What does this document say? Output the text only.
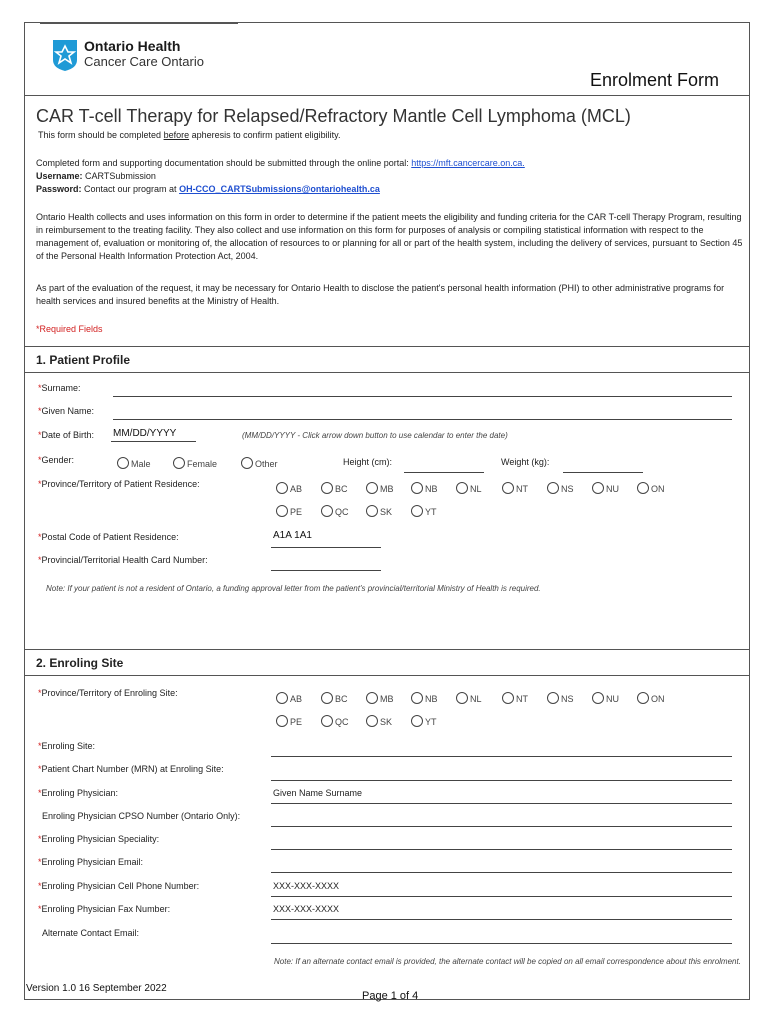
Ontario Health
Cancer Care Ontario
Enrolment Form
CAR T-cell Therapy for Relapsed/Refractory Mantle Cell Lymphoma (MCL)
This form should be completed before apheresis to confirm patient eligibility.
Completed form and supporting documentation should be submitted through the online portal: https://mft.cancercare.on.ca.
Username: CARTSubmission
Password: Contact our program at OH-CCO_CARTSubmissions@ontariohealth.ca
Ontario Health collects and uses information on this form in order to determine if the patient meets the eligibility and funding criteria for the CAR T-cell Therapy Program, resulting in reimbursement to the treating facility. They also collect and use information on this form for purposes of analysis or compiling statistical information with respect to the management of, evaluation or monitoring of, the allocation of resources to or planning for all or part of the health system, including the delivery of services, pursuant to Section 45 of the Personal Health Information Protection Act, 2004.
As part of the evaluation of the request, it may be necessary for Ontario Health to disclose the patient's personal health information (PHI) to other administrative programs for health services and insured benefits at the Ministry of Health.
*Required Fields
1. Patient Profile
*Surname:
*Given Name:
*Date of Birth: MM/DD/YYYY	(MM/DD/YYYY - Click arrow down button to use calendar to enter the date)
*Gender:	Male	Female	Other	Height (cm):	Weight (kg):
*Province/Territory of Patient Residence:	AB	BC	MB	NB	NL	NT	NS	NU	ON
PE	QC	SK	YT
*Postal Code of Patient Residence:	A1A 1A1
*Provincial/Territorial Health Card Number:
Note: If your patient is not a resident of Ontario, a funding approval letter from the patient's provincial/territorial Ministry of Health is required.
2. Enroling Site
*Province/Territory of Enroling Site:
AB	BC	MB	NB	NL	NT	NS	NU	ON
PE	QC	SK	YT
*Enroling Site:
*Patient Chart Number (MRN) at Enroling Site:
*Enroling Physician:	Given Name Surname
Enroling Physician CPSO Number (Ontario Only):
*Enroling Physician Speciality:
*Enroling Physician Email:
*Enroling Physician Cell Phone Number:	XXX-XXX-XXXX
*Enroling Physician Fax Number:	XXX-XXX-XXXX
Alternate Contact Email:
Note: If an alternate contact email is provided, the alternate contact will be copied on all email correspondence about this enrolment.
Version 1.0 16 September 2022
Page 1 of 4
